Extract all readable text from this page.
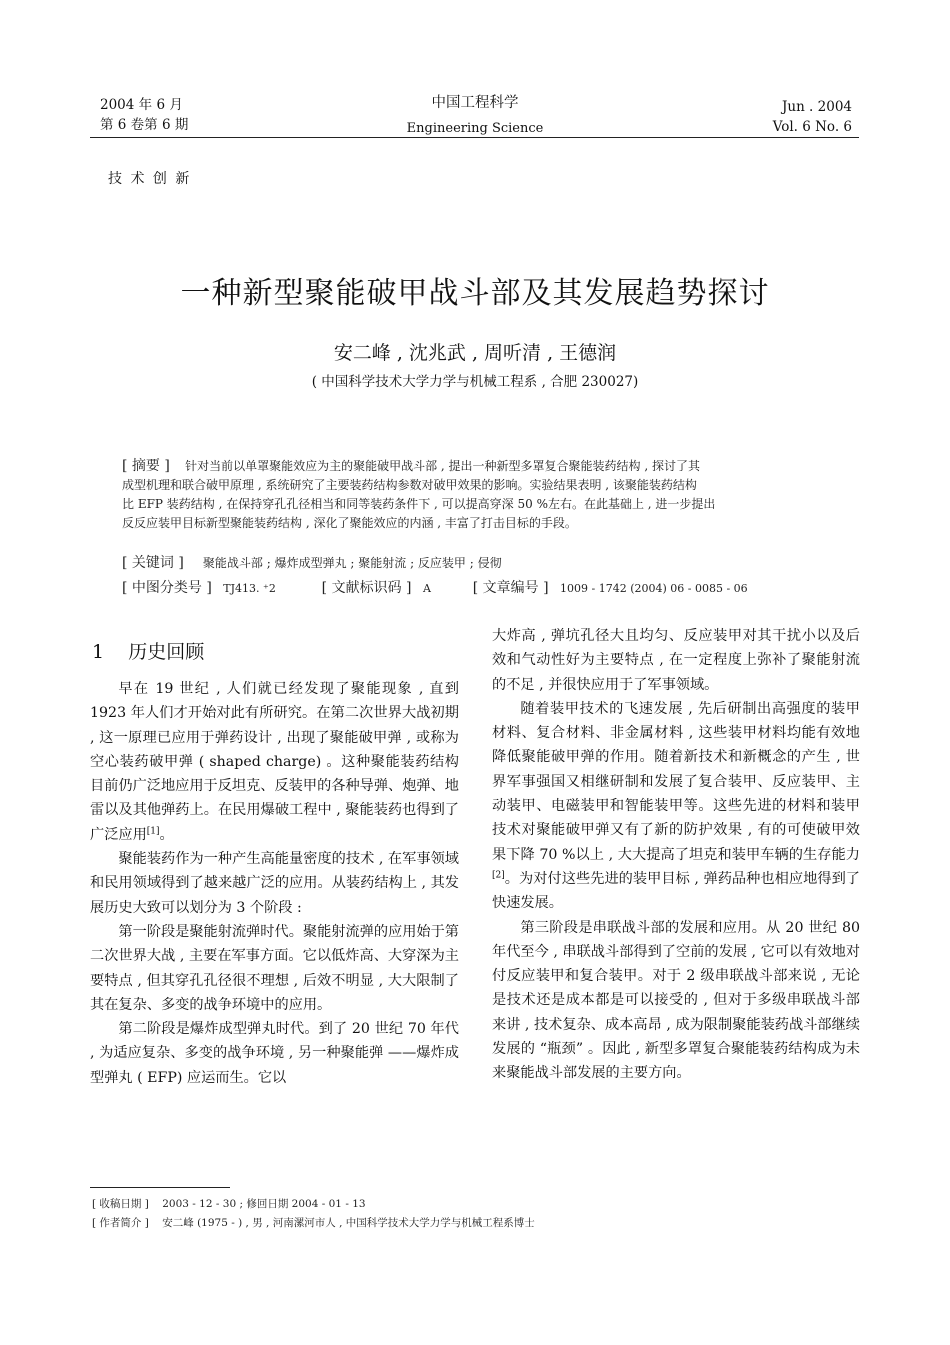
2004 年 6 月
第 6 卷第 6 期
中国工程科学
Engineering Science
Jun . 2004
Vol. 6 No. 6
技 术 创 新
一种新型聚能破甲战斗部及其发展趋势探讨
安二峰 , 沈兆武 , 周听清 , 王德润
( 中国科学技术大学力学与机械工程系 , 合肥 230027)
[ 摘要 ] 针对当前以单罩聚能效应为主的聚能破甲战斗部 , 提出一种新型多罩复合聚能装药结构 , 探讨了其
成型机理和联合破甲原理 , 系统研究了主要装药结构参数对破甲效果的影响。实验结果表明 , 该聚能装药结构
比 EFP 装药结构 , 在保持穿孔孔径相当和同等装药条件下 , 可以提高穿深 50 %左右。在此基础上 , 进一步提出
反反应装甲目标新型聚能装药结构 , 深化了聚能效应的内涵 , 丰富了打击目标的手段。
[ 关键词 ] 聚能战斗部 ; 爆炸成型弹丸 ; 聚能射流 ; 反应装甲 ; 侵彻
[ 中图分类号 ] TJ413. ⁺2	[ 文献标识码 ] A	[ 文章编号 ] 1009 - 1742 (2004) 06 - 0085 - 06
1 历史回顾

早在 19 世纪 , 人们就已经发现了聚能现象 , 直到 1923 年人们才开始对此有所研究。在第二次世界大战初期 , 这一原理已应用于弹药设计 , 出现了聚能破甲弹 , 或称为空心装药破甲弹 ( shaped charge) 。这种聚能装药结构目前仍广泛地应用于反坦克、反装甲的各种导弹、炮弹、地雷以及其他弹药上。在民用爆破工程中 , 聚能装药也得到了广泛应用[1]。

聚能装药作为一种产生高能量密度的技术 , 在军事领域和民用领域得到了越来越广泛的应用。从装药结构上 , 其发展历史大致可以划分为 3 个阶段 :

第一阶段是聚能射流弹时代。聚能射流弹的应用始于第二次世界大战 , 主要在军事方面。它以低炸高、大穿深为主要特点 , 但其穿孔孔径很不理想 , 后效不明显 , 大大限制了其在复杂、多变的战争环境中的应用。

第二阶段是爆炸成型弹丸时代。到了 20 世纪 70 年代 , 为适应复杂、多变的战争环境 , 另一种聚能弹 ——爆炸成型弹丸 ( EFP) 应运而生。它以

大炸高 , 弹坑孔径大且均匀、反应装甲对其干扰小以及后效和气动性好为主要特点 , 在一定程度上弥补了聚能射流的不足 , 并很快应用于了军事领域。

随着装甲技术的飞速发展 , 先后研制出高强度的装甲材料、复合材料、非金属材料 , 这些装甲材料均能有效地降低聚能破甲弹的作用。随着新技术和新概念的产生 , 世界军事强国又相继研制和发展了复合装甲、反应装甲、主动装甲、电磁装甲和智能装甲等。这些先进的材料和装甲技术对聚能破甲弹又有了新的防护效果 , 有的可使破甲效果下降 70 %以上 , 大大提高了坦克和装甲车辆的生存能力[2]。为对付这些先进的装甲目标 , 弹药品种也相应地得到了快速发展。

第三阶段是串联战斗部的发展和应用。从 20 世纪 80 年代至今 , 串联战斗部得到了空前的发展 , 它可以有效地对付反应装甲和复合装甲。对于 2 级串联战斗部来说 , 无论是技术还是成本都是可以接受的 , 但对于多级串联战斗部来讲 , 技术复杂、成本高昂 , 成为限制聚能装药战斗部继续发展的 “瓶颈” 。因此 , 新型多罩复合聚能装药结构成为未来聚能战斗部发展的主要方向。

[ 收稿日期 ] 2003 - 12 - 30 ; 修回日期 2004 - 01 - 13
[ 作者简介 ] 安二峰 (1975 - ) , 男 , 河南漯河市人 , 中国科学技术大学力学与机械工程系博士
